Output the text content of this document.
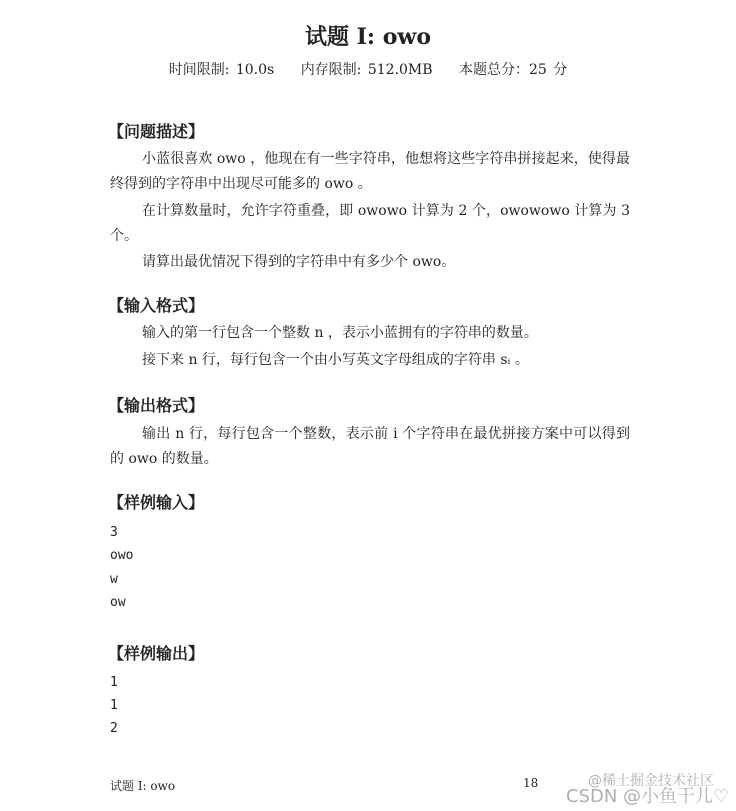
试题 I: owo
时间限制: 10.0s 内存限制: 512.0MB 本题总分：25 分
【问题描述】
小蓝很喜欢 owo ，他现在有一些字符串，他想将这些字符串拼接起来，使得最终得到的字符串中出现尽可能多的 owo 。
在计算数量时，允许字符重叠，即 owowo 计算为 2 个，owowowo 计算为 3 个。
请算出最优情况下得到的字符串中有多少个 owo。
【输入格式】
输入的第一行包含一个整数 n ，表示小蓝拥有的字符串的数量。
接下来 n 行，每行包含一个由小写英文字母组成的字符串 sᵢ 。
【输出格式】
输出 n 行，每行包含一个整数，表示前 i 个字符串在最优拼接方案中可以得到的 owo 的数量。
【样例输入】
3
owo
w
ow
【样例输出】
1
1
2
试题 I: owo	18	@稀土掘金技术社区
CSDN @小鱼干儿♡
